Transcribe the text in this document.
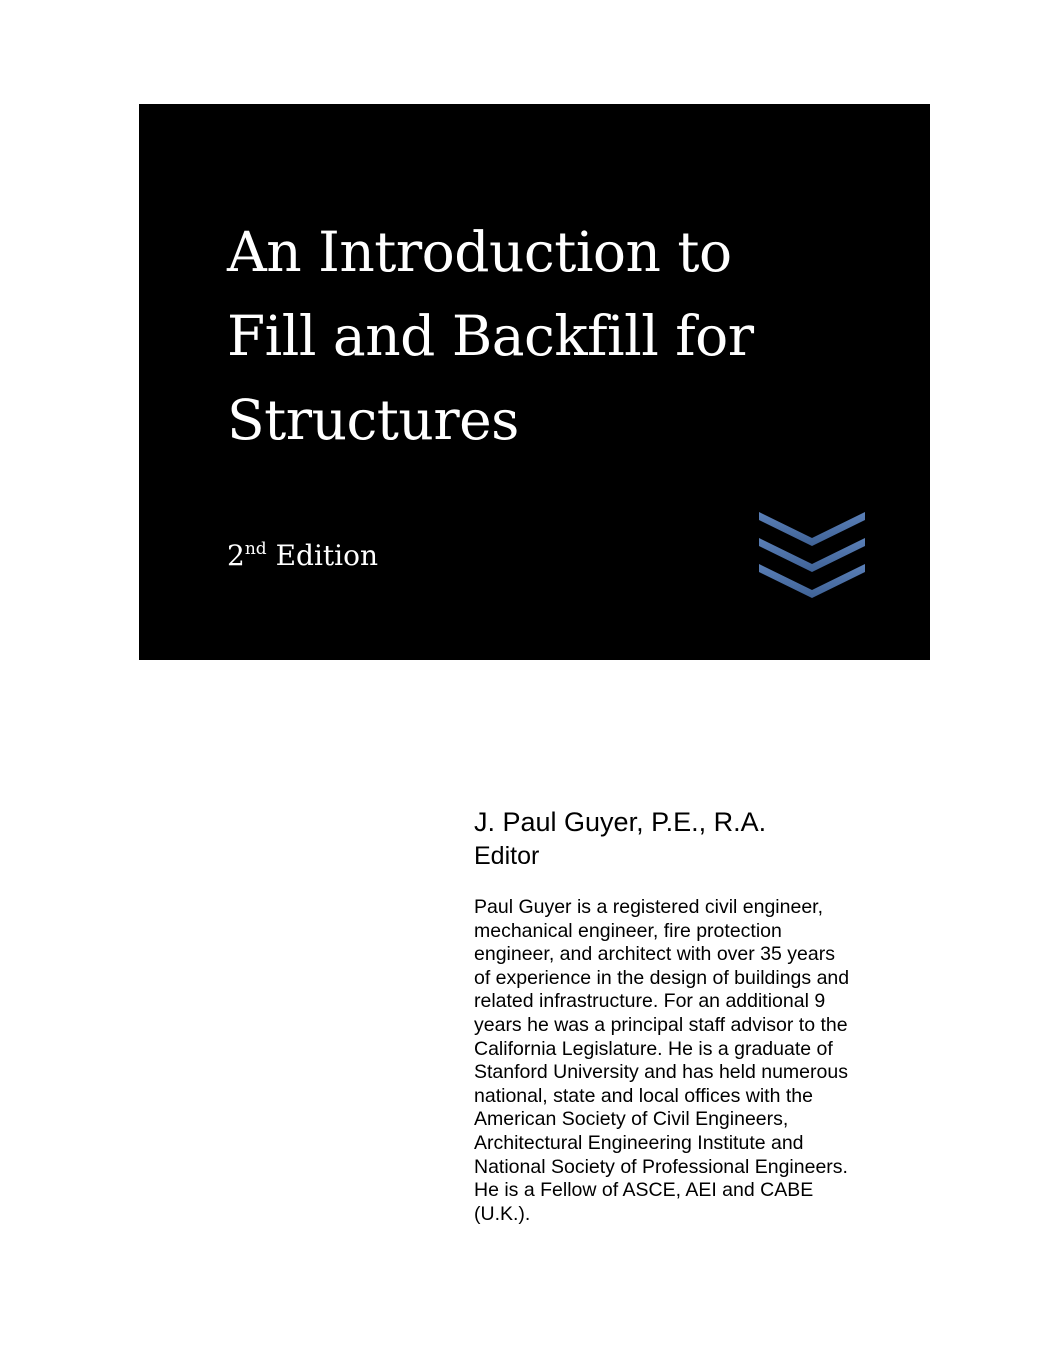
An Introduction to
Fill and Backfill for
Structures
2nd Edition

J. Paul Guyer, P.E., R.A.

Editor

Paul Guyer is a registered civil engineer,
mechanical engineer, fire protection
engineer, and architect with over 35 years
of experience in the design of buildings and
related infrastructure. For an additional 9
years he was a principal staff advisor to the
California Legislature. He is a graduate of
Stanford University and has held numerous
national, state and local offices with the
American Society of Civil Engineers,
Architectural Engineering Institute and
National Society of Professional Engineers.
He is a Fellow of ASCE, AEI and CABE
(U.K.).
